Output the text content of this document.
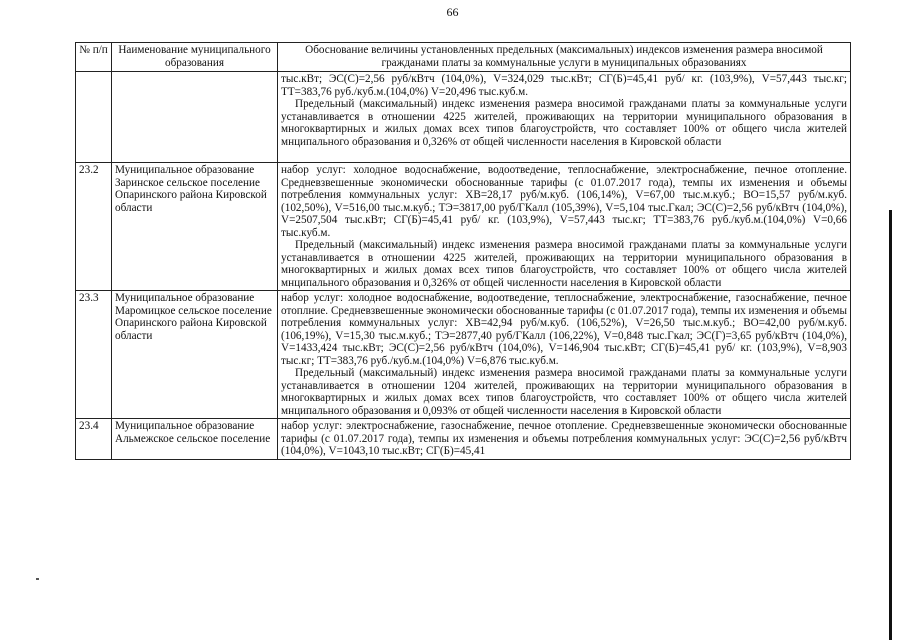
66
№ п/п	Наименование муниципального образования	Обоснование величины установленных предельных (максимальных) индексов изменения размера вносимой гражданами платы за коммунальные услуги в муниципальных образованиях

		тыс.кВт; ЭС(С)=2,56 руб/кВтч (104,0%), V=324,029 тыс.кВт; СГ(Б)=45,41 руб/ кг. (103,9%), V=57,443 тыс.кг; ТТ=383,76 руб./куб.м.(104,0%) V=20,496 тыс.куб.м.

Предельный (максимальный) индекс изменения размера вносимой гражданами платы за коммунальные услуги устанавливается в отношении 4225 жителей, проживающих на территории муниципального образования в многоквартирных и жилых домах всех типов благоустройств, что составляет 100% от общего числа жителей мнципального образования и 0,326% от общей численности населения в Кировской области

23.2	Муниципальное образование Заринское сельское поселение Опаринского района Кировской области	набор услуг: холодное водоснабжение, водоотведение, теплоснабжение, электроснабжение, печное отопление. Средневзвешенные экономически обоснованные тарифы (с 01.07.2017 года), темпы их изменения и объемы потребления коммунальных услуг: ХВ=28,17 руб/м.куб. (106,14%), V=67,00 тыс.м.куб.; ВО=15,57 руб/м.куб. (102,50%), V=516,00 тыс.м.куб.; ТЭ=3817,00 руб/ГКалл (105,39%), V=5,104 тыс.Гкал; ЭС(С)=2,56 руб/кВтч (104,0%), V=2507,504 тыс.кВт; СГ(Б)=45,41 руб/ кг. (103,9%), V=57,443 тыс.кг; ТТ=383,76 руб./куб.м.(104,0%) V=0,66 тыс.куб.м.

Предельный (максимальный) индекс изменения размера вносимой гражданами платы за коммунальные услуги устанавливается в отношении 4225 жителей, проживающих на территории муниципального образования в многоквартирных и жилых домах всех типов благоустройств, что составляет 100% от общего числа жителей мнципального образования и 0,326% от общей численности населения в Кировской области

23.3	Муниципальное образование Маромицкое сельское поселение Опаринского района Кировской области	набор услуг: холодное водоснабжение, водоотведение, теплоснабжение, электроснабжение, газоснабжение, печное отоплние. Средневзвешенные экономически обоснованные тарифы (с 01.07.2017 года), темпы их изменения и объемы потребления коммунальных услуг: ХВ=42,94 руб/м.куб. (106,52%), V=26,50 тыс.м.куб.; ВО=42,00 руб/м.куб. (106,19%), V=15,30 тыс.м.куб.; ТЭ=2877,40 руб/ГКалл (106,22%), V=0,848 тыс.Гкал; ЭС(Г)=3,65 руб/кВтч (104,0%), V=1433,424 тыс.кВт; ЭС(С)=2,56 руб/кВтч (104,0%), V=146,904 тыс.кВт; СГ(Б)=45,41 руб/ кг. (103,9%), V=8,903 тыс.кг; ТТ=383,76 руб./куб.м.(104,0%) V=6,876 тыс.куб.м.

Предельный (максимальный) индекс изменения размера вносимой гражданами платы за коммунальные услуги устанавливается в отношении 1204 жителей, проживающих на территории муниципального образования в многоквартирных и жилых домах всех типов благоустройств, что составляет 100% от общего числа жителей мнципального образования и 0,093% от общей численности населения в Кировской области

23.4	Муниципальное образование Альмежское сельское поселение	набор услуг: электроснабжение, газоснабжение, печное отопление. Средневзвешенные экономически обоснованные тарифы (с 01.07.2017 года), темпы их изменения и объемы потребления коммунальных услуг: ЭС(С)=2,56 руб/кВтч (104,0%), V=1043,10 тыс.кВт; СГ(Б)=45,41
